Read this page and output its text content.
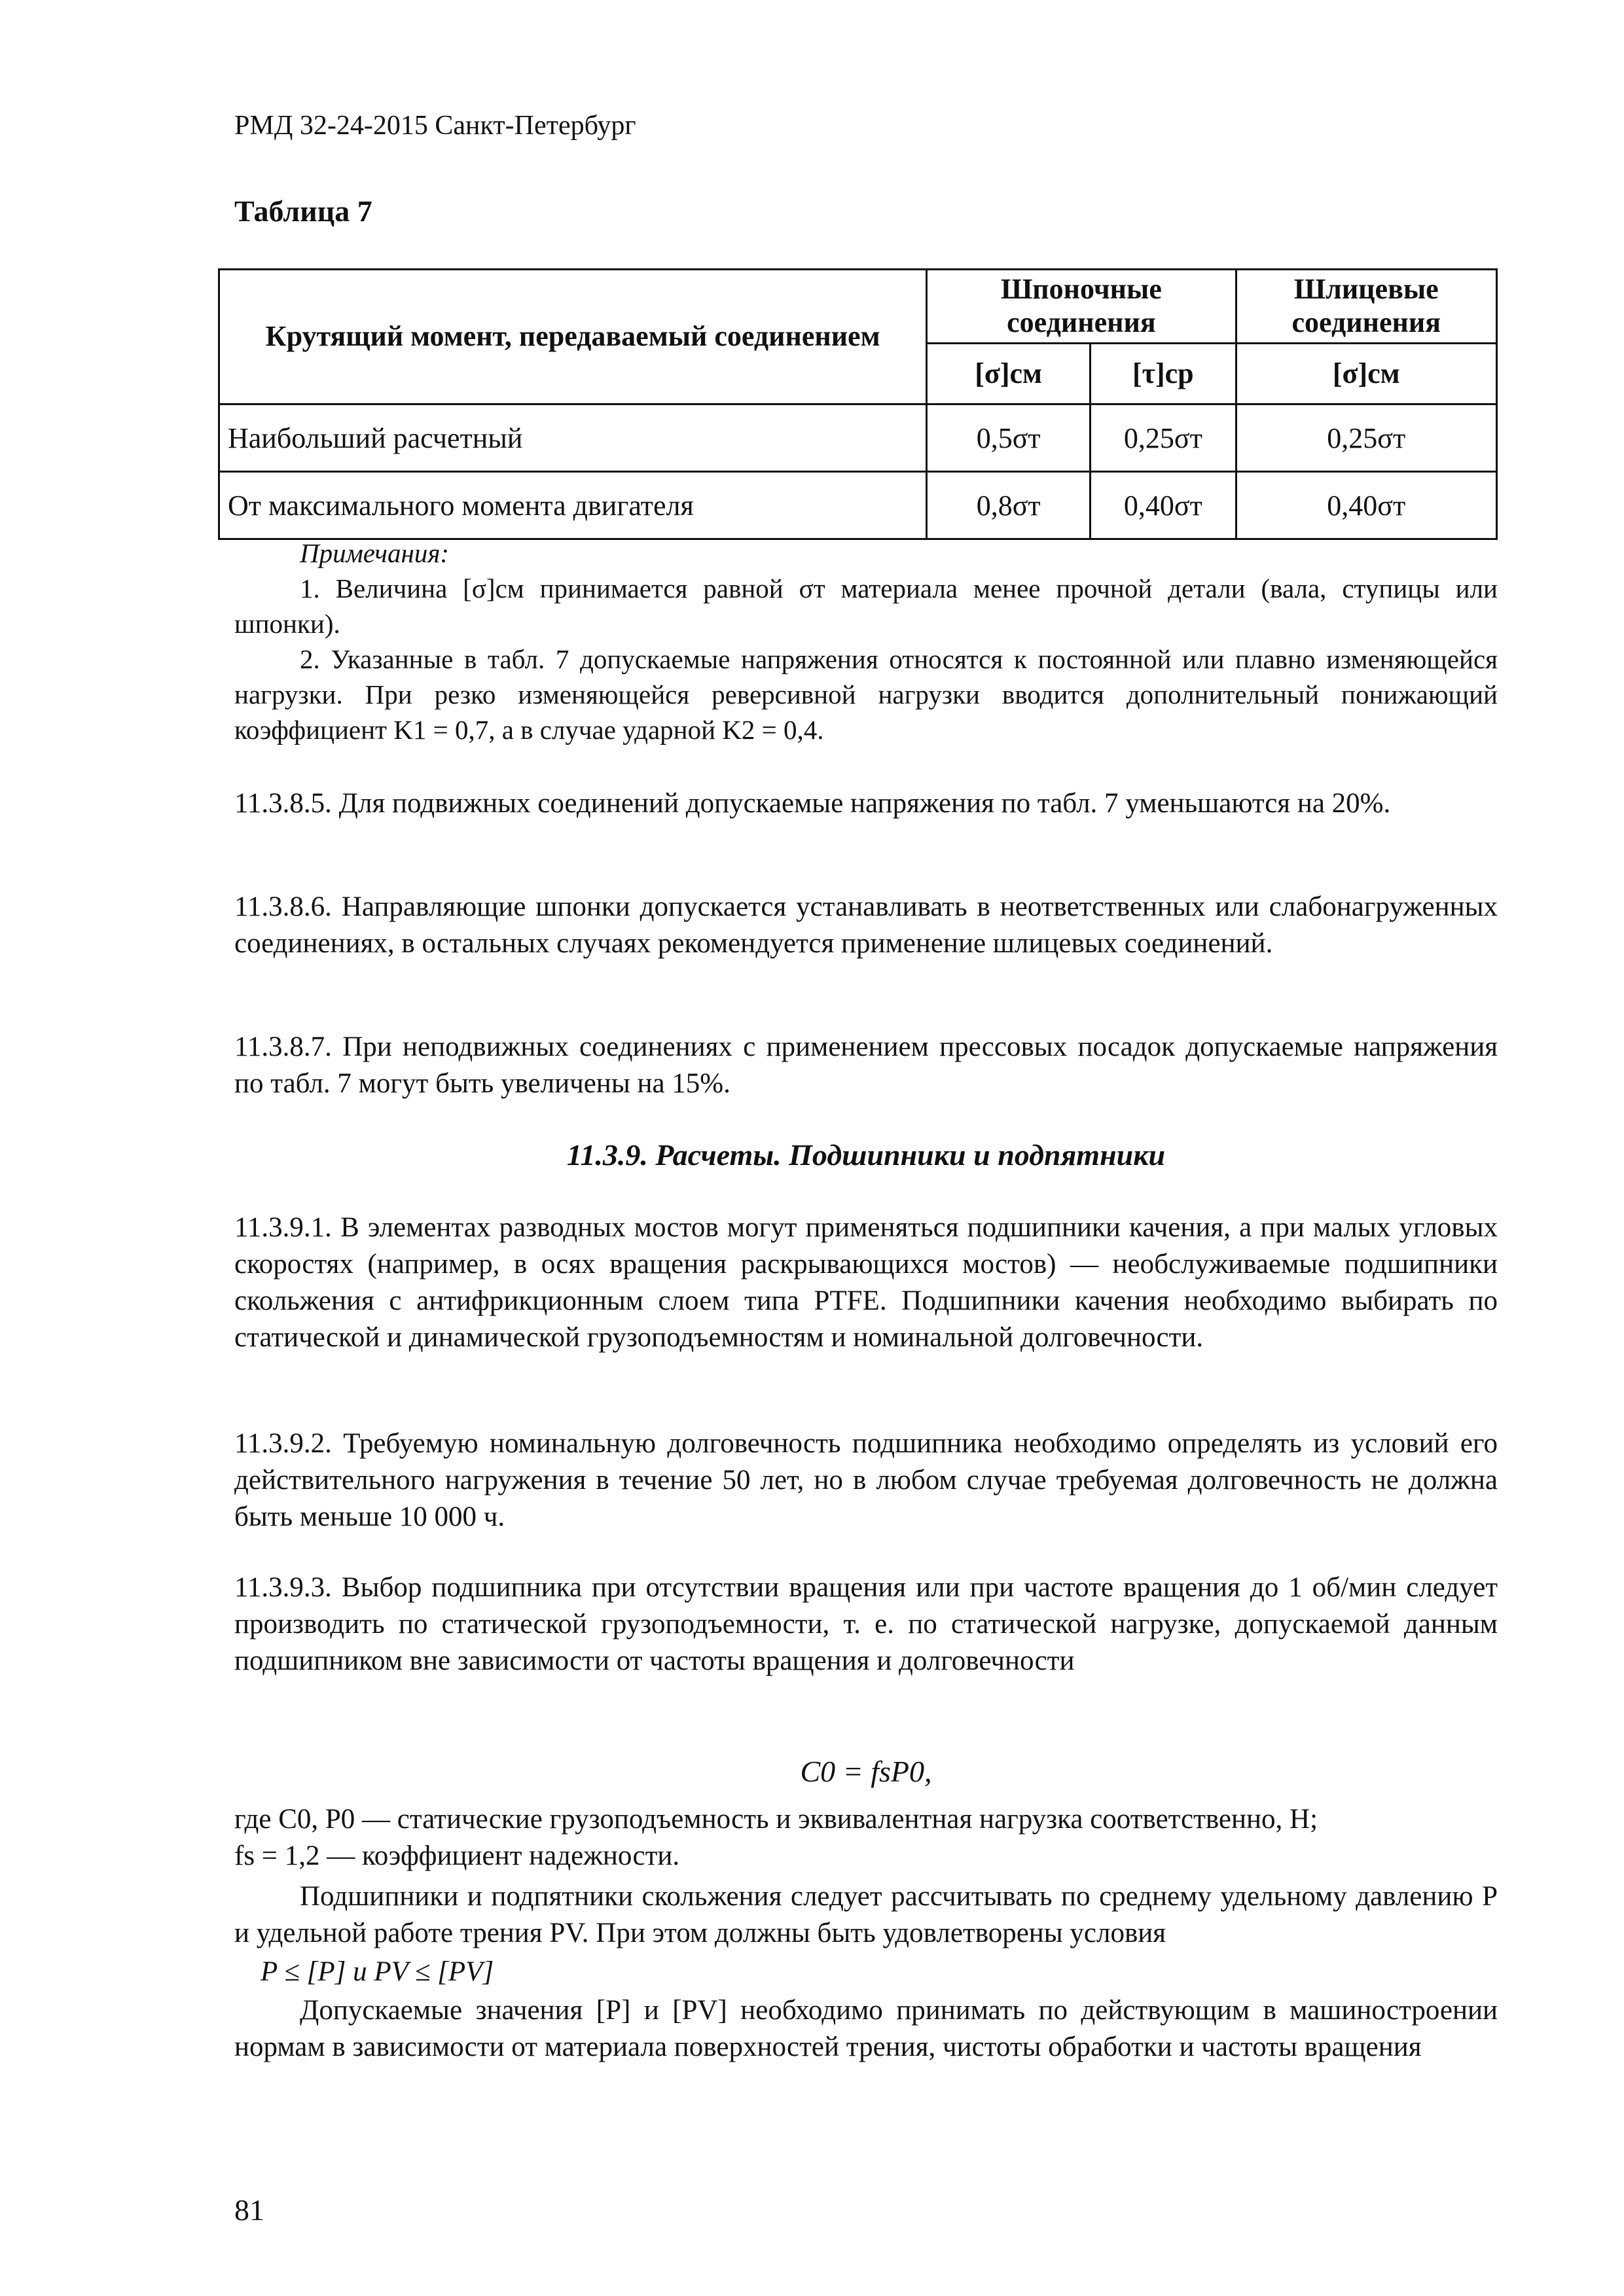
РМД 32-24-2015 Санкт-Петербург
Таблица 7
Крутящий момент, передаваемый соединением	Шпоночные соединения		Шлицевые соединения
	[σ]см	[τ]ср	[σ]см
Наибольший расчетный	0,5σт	0,25σт	0,25σт
От максимального момента двигателя	0,8σт	0,40σт	0,40σт
Примечания:
1. Величина [σ]см принимается равной σт материала менее прочной детали (вала, ступицы или шпонки).
2. Указанные в табл. 7 допускаемые напряжения относятся к постоянной или плавно изменяющейся нагрузки. При резко изменяющейся реверсивной нагрузки вводится дополнительный понижающий коэффициент K1 = 0,7, а в случае ударной K2 = 0,4.
11.3.8.5. Для подвижных соединений допускаемые напряжения по табл. 7 уменьшаются на 20%.
11.3.8.6. Направляющие шпонки допускается устанавливать в неответственных или слабонагруженных соединениях, в остальных случаях рекомендуется применение шлицевых соединений.
11.3.8.7. При неподвижных соединениях с применением прессовых посадок допускаемые напряжения по табл. 7 могут быть увеличены на 15%.
11.3.9. Расчеты. Подшипники и подпятники
11.3.9.1. В элементах разводных мостов могут применяться подшипники качения, а при малых угловых скоростях (например, в осях вращения раскрывающихся мостов) — необслуживаемые подшипники скольжения с антифрикционным слоем типа PTFE. Подшипники качения необходимо выбирать по статической и динамической грузоподъемностям и номинальной долговечности.
11.3.9.2. Требуемую номинальную долговечность подшипника необходимо определять из условий его действительного нагружения в течение 50 лет, но в любом случае требуемая долговечность не должна быть меньше 10 000 ч.
11.3.9.3. Выбор подшипника при отсутствии вращения или при частоте вращения до 1 об/мин следует производить по статической грузоподъемности, т. е. по статической нагрузке, допускаемой данным подшипником вне зависимости от частоты вращения и долговечности
C0 = fsP0,
где C0, P0 — статические грузоподъемность и эквивалентная нагрузка соответственно, Н;
fs = 1,2 — коэффициент надежности.
Подшипники и подпятники скольжения следует рассчитывать по среднему удельному давлению P и удельной работе трения PV. При этом должны быть удовлетворены условия
P ≤ [P] и PV ≤ [PV]
Допускаемые значения [P] и [PV] необходимо принимать по действующим в машиностроении нормам в зависимости от материала поверхностей трения, чистоты обработки и частоты вращения
81
